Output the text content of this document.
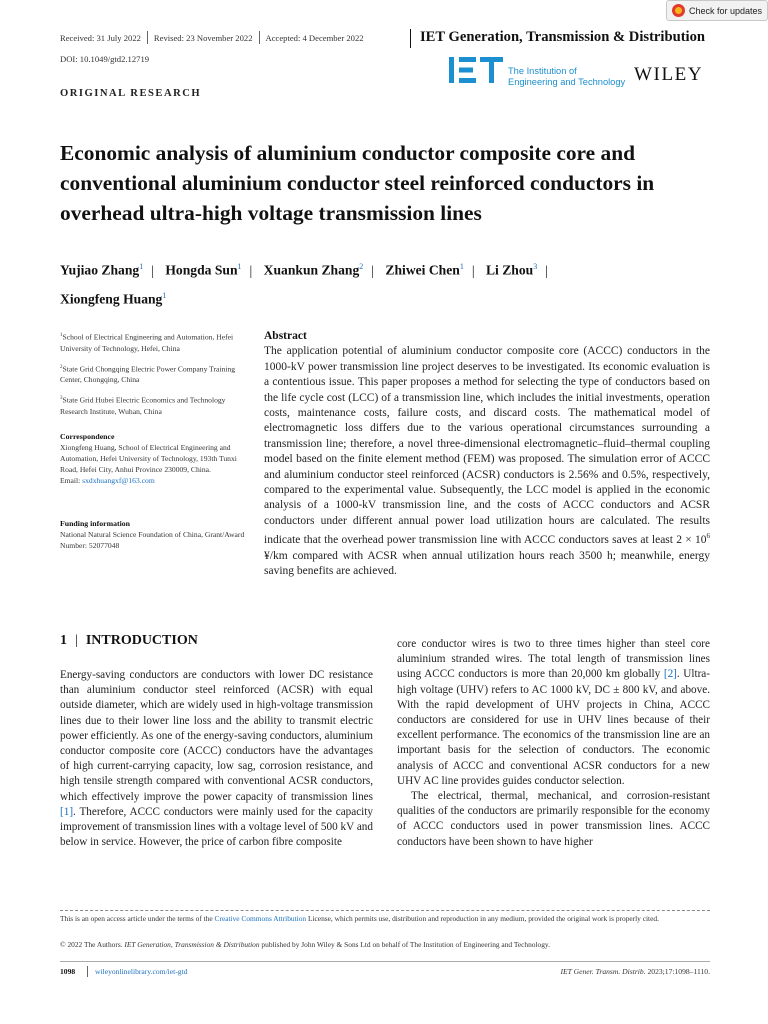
Check for updates
Received: 31 July 2022 Revised: 23 November 2022 Accepted: 4 December 2022	IET Generation, Transmission & Distribution
DOI: 10.1049/gtd2.12719
The Institution of
Engineering and Technology WILEY
ORIGINAL RESEARCH
Economic analysis of aluminium conductor composite core and conventional aluminium conductor steel reinforced conductors in overhead ultra-high voltage transmission lines
Yujiao Zhang$^1$ | Hongda Sun$^1$ | Xuankun Zhang$^2$ | Zhiwei Chen$^1$ | Li Zhou$^3$ |
Xiongfeng Huang$^1$
$^1$School of Electrical Engineering and Automation, Hefei University of Technology, Hefei, China
$^2$State Grid Chongqing Electric Power Company Training Center, Chongqing, China
$^3$State Grid Hubei Electric Economics and Technology Research Institute, Wuhan, China
Correspondence
Xiongfeng Huang, School of Electrical Engineering and Automation, Hefei University of Technology, 193th Tunxi Road, Hefei City, Anhui Province 230009, China.
Email: sxdxhuangxf@163.com
Funding information
National Natural Science Foundation of China, Grant/Award Number: 52077048
Abstract

The application potential of aluminium conductor composite core (ACCC) conductors in the 1000-kV power transmission line project deserves to be investigated. Its economic evaluation is a contentious issue. This paper proposes a method for selecting the type of conductors based on the life cycle cost (LCC) of a transmission line, which includes the initial investments, operation costs, maintenance costs, failure costs, and discard costs. The mathematical model of electromagnetic loss differs due to the various operational circumstances surrounding a transmission line; therefore, a novel three-dimensional electromagnetic–fluid–thermal coupling model based on the finite element method (FEM) was proposed. The simulation error of ACCC and aluminium conductor steel reinforced (ACSR) conductors is 2.56% and 0.5%, respectively, compared to the experimental value. Subsequently, the LCC model is applied in the economic analysis of a 1000-kV transmission line, and the costs of ACCC conductors and ACSR conductors under different annual power load utilization hours are calculated. The results indicate that the overhead power transmission line with ACCC conductors saves at least $2 \times 10^6$ ¥/km compared with ACSR when annual utilization hours reach 3500 h; meanwhile, energy saving benefits are achieved.

1 | INTRODUCTION

Energy-saving conductors are conductors with lower DC resistance than aluminium conductor steel reinforced (ACSR) with equal outside diameter, which are widely used in high-voltage transmission lines due to their lower line loss and the ability to transmit electric power efficiently. As one of the energy-saving conductors, aluminium conductor composite core (ACCC) conductors have the advantages of high current-carrying capacity, low sag, corrosion resistance, and high tensile strength compared with conventional ACSR conductors, which effectively improve the power capacity of transmission lines [1]. Therefore, ACCC conductors were mainly used for the capacity improvement of transmission lines with a voltage level of 500 kV and below in service. However, the price of carbon fibre composite

core conductor wires is two to three times higher than steel core aluminium stranded wires. The total length of transmission lines using ACCC conductors is more than 20,000 km globally [2]. Ultra-high voltage (UHV) refers to AC 1000 kV, DC ± 800 kV, and above. With the rapid development of UHV projects in China, ACCC conductors are considered for use in UHV lines because of their excellent performance. The economics of the transmission line are an important basis for the selection of conductors. The economic analysis of ACCC and conventional ACSR conductors for a new UHV AC line provides guides conductor selection.

The electrical, thermal, mechanical, and corrosion-resistant qualities of the conductors are primarily responsible for the economy of ACCC conductors used in power transmission lines. ACCC conductors have been shown to have higher

This is an open access article under the terms of the Creative Commons Attribution License, which permits use, distribution and reproduction in any medium, provided the original work is properly cited.
© 2022 The Authors. IET Generation, Transmission & Distribution published by John Wiley & Sons Ltd on behalf of The Institution of Engineering and Technology.
1098	wileyonlinelibrary.com/iet-gtd	IET Gener. Transm. Distrib. 2023;17:1098–1110.
